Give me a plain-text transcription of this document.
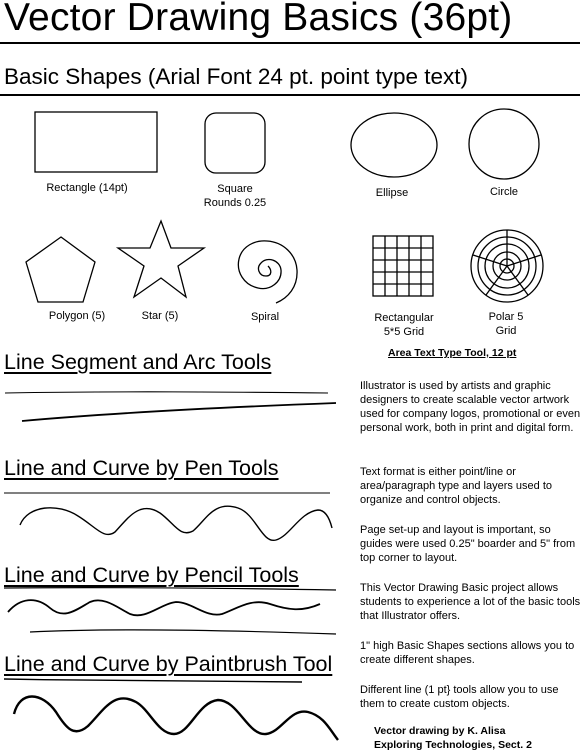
Vector Drawing Basics (36pt)
Basic Shapes (Arial Font 24 pt. point type text)
Rectangle (14pt)	Square
Rounds 0.25
Ellipse	Circle
Polygon (5)	Star (5)	Spiral	Rectangular
5*5 Grid
Polar 5
Grid
Line Segment and Arc Tools
Line and Curve by Pen Tools
Line and Curve by Pencil Tools
Line and Curve by Paintbrush Tool
Area Text Type Tool, 12 pt
Illustrator is used by artists and graphic designers to create scalable vector artwork used for company logos, promotional or even personal work, both in print and digital form.
Text format is either point/line or area/paragraph type and layers used to organize and control objects.
Page set-up and layout is important, so guides were used 0.25" boarder and 5" from top corner to layout.
This Vector Drawing Basic project allows students to experience a lot of the basic tools that Illustrator offers.
1" high Basic Shapes sections allows you to create different shapes.
Different line (1 pt} tools allow you to use them to create custom objects.
Vector drawing by K. Alisa
Exploring Technologies, Sect. 2
